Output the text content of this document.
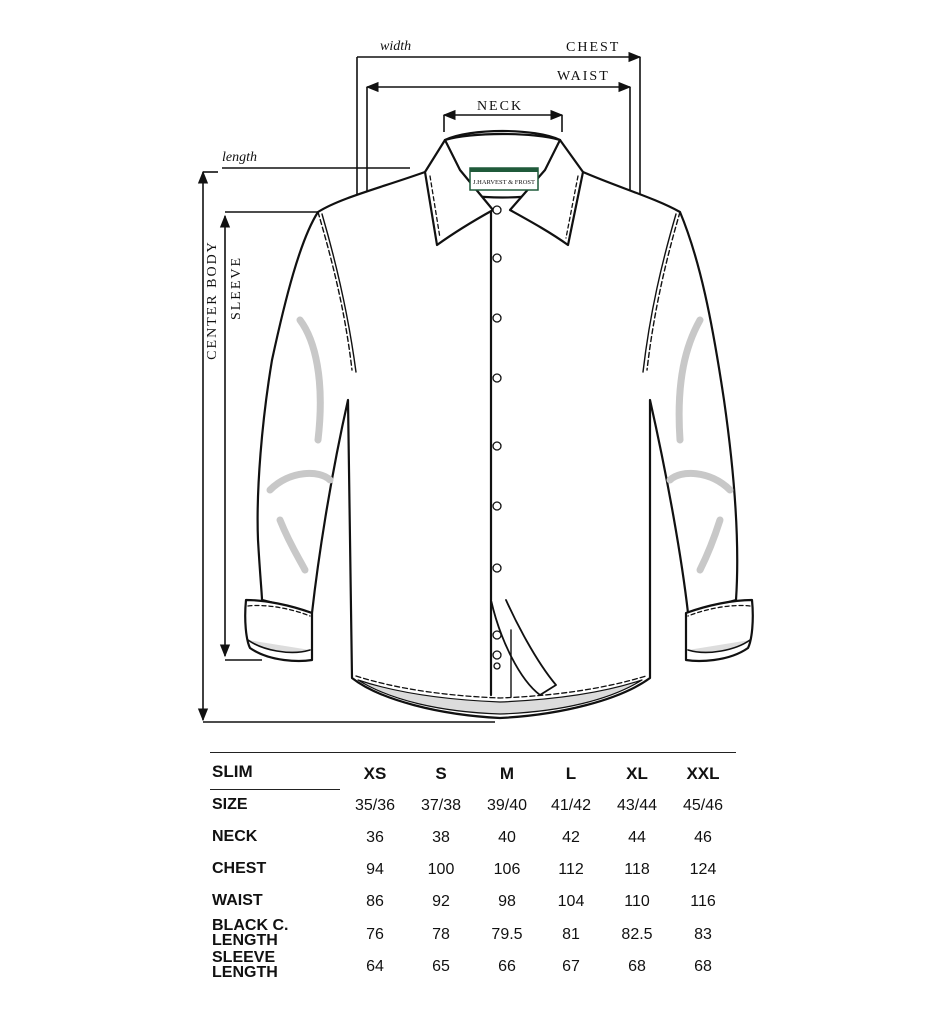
J.HARVEST & FROST
width	CHEST
WAIST
NECK
length
CENTER BODY SLEEVE
SLIM	XS	S	M	L	XL	XXL
SIZE	35/36	37/38	39/40	41/42	43/44	45/46
NECK	36	38	40	42	44	46
CHEST	94	100	106	112	118	124
WAIST	86	92	98	104	110	116
BLACK C.
LENGTH	76	78	79.5	81	82.5	83
SLEEVE
LENGTH	64	65	66	67	68	68
